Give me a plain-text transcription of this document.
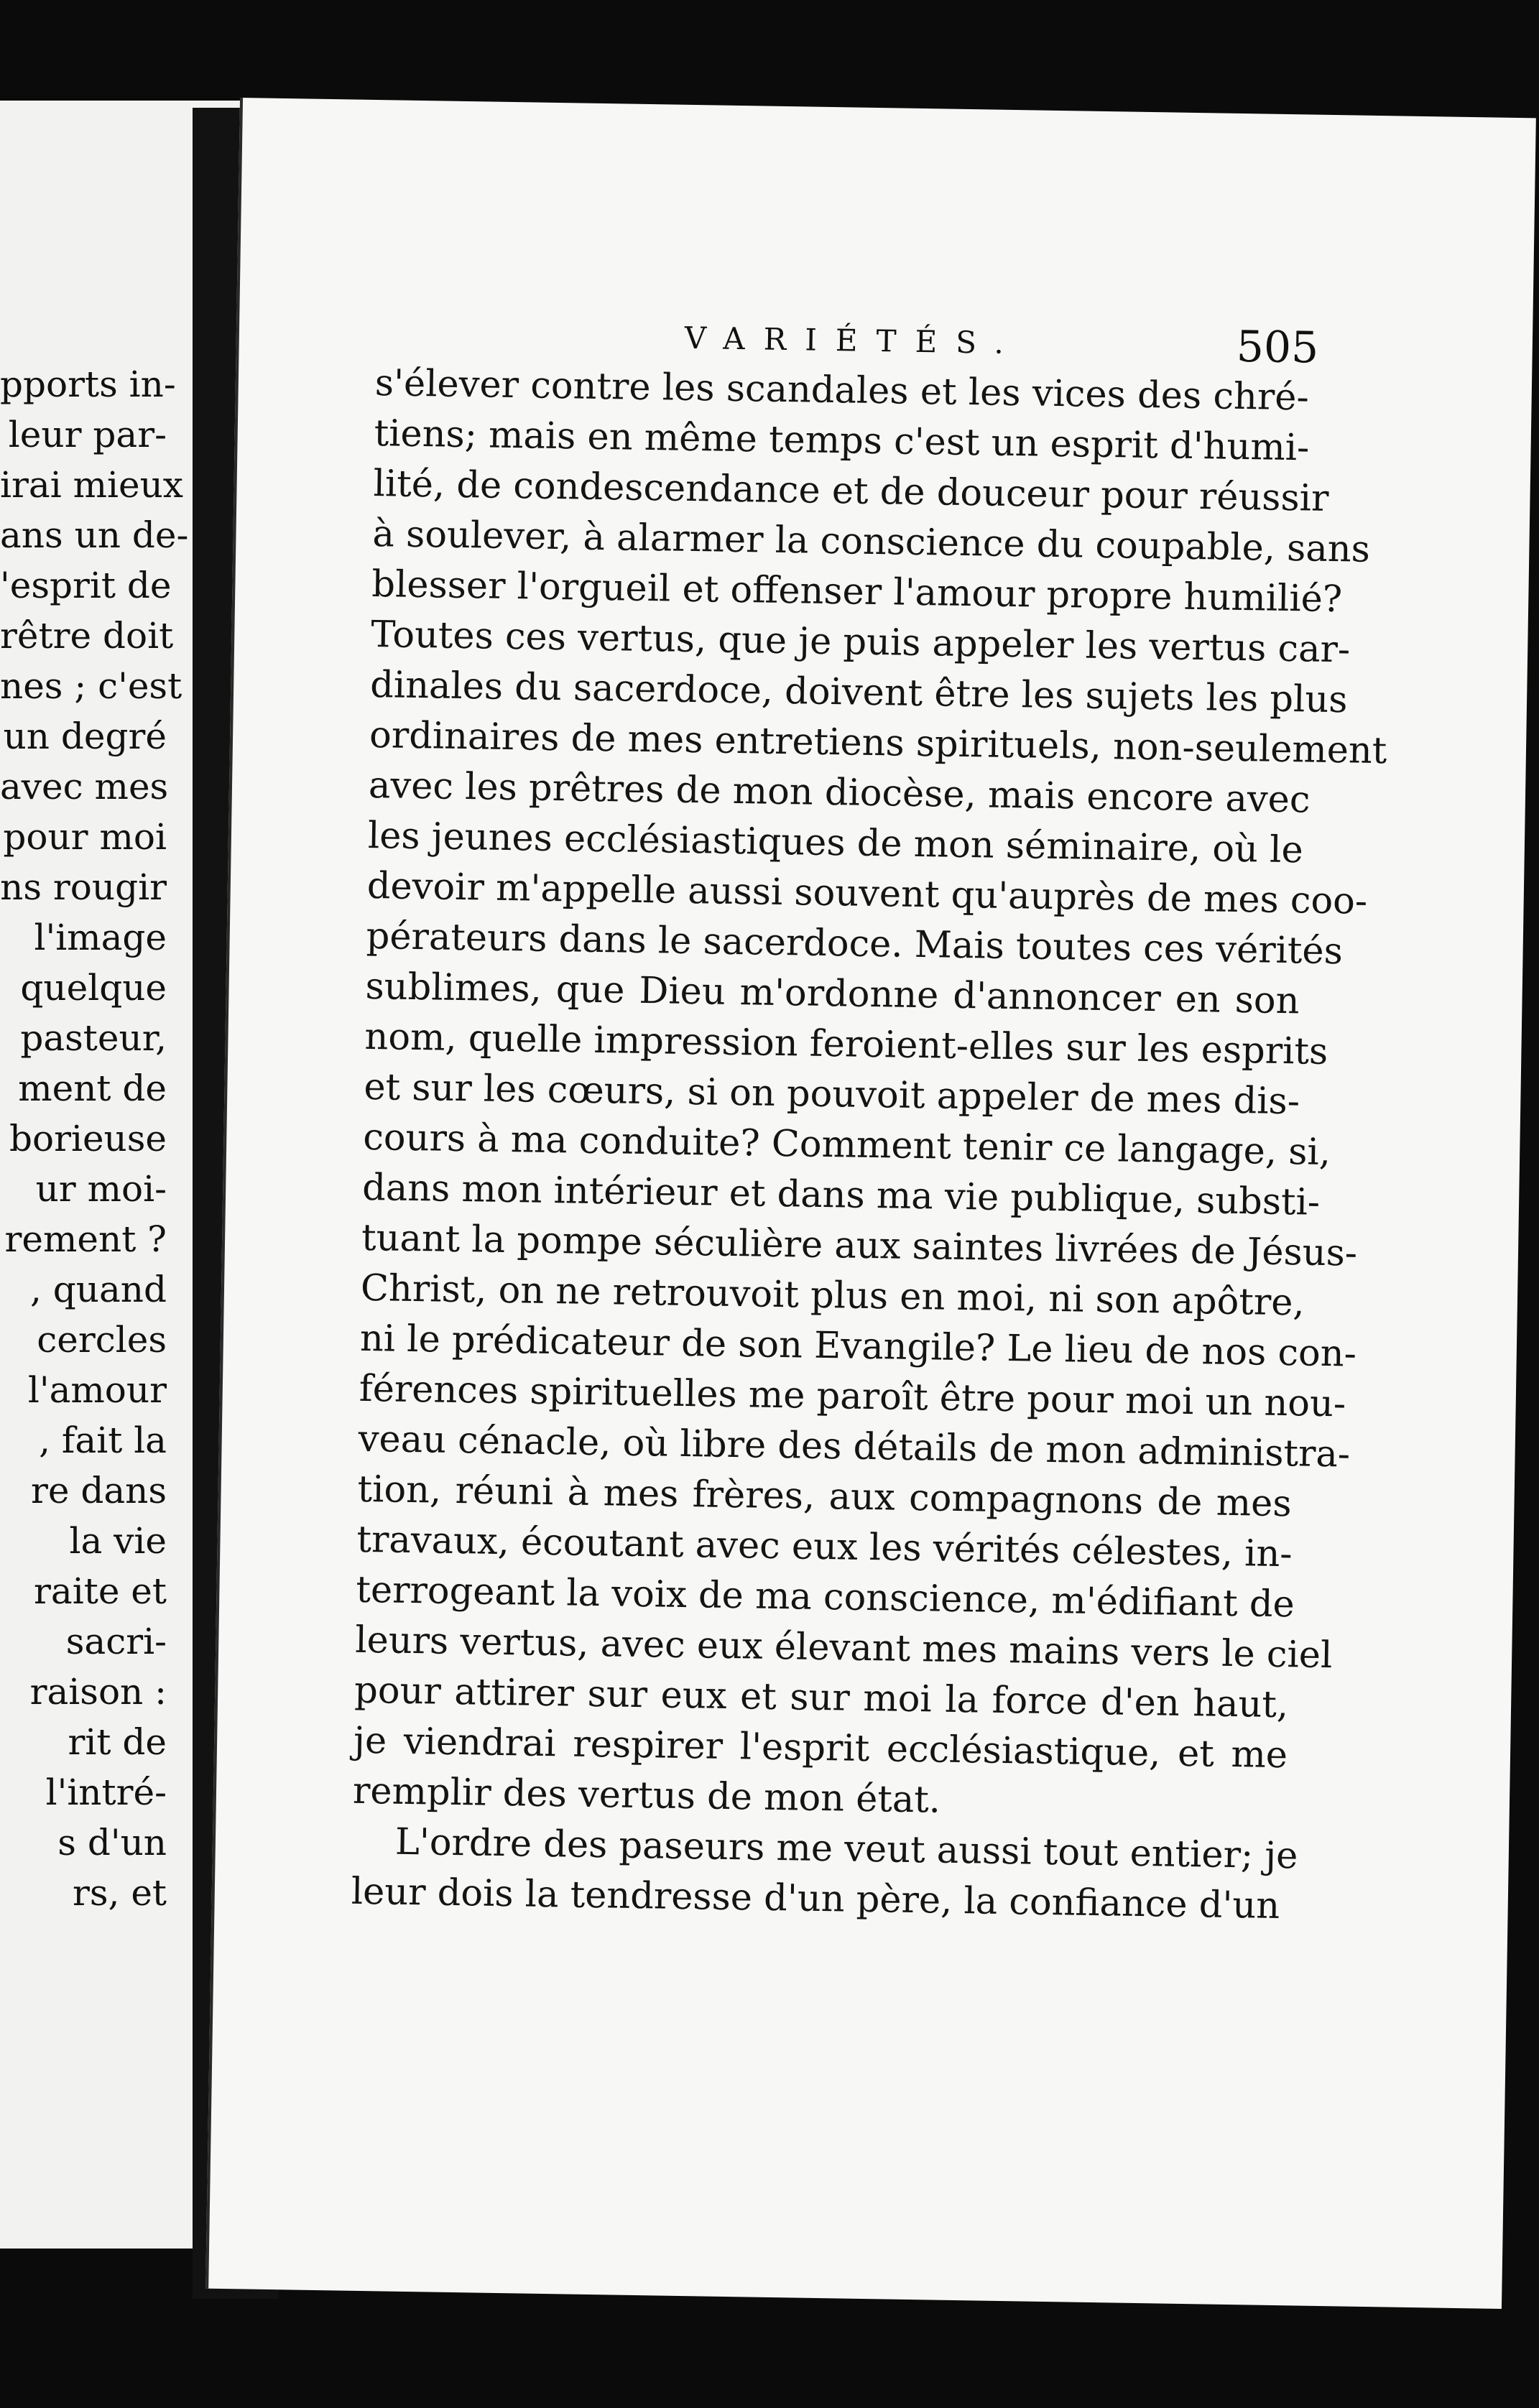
pports in-
leur par-
irai mieux
ans un de-
'esprit de
rêtre doit
nes ; c'est
un degré
avec mes
pour moi
ns rougir
l'image
quelque
pasteur,
ment de
borieuse
ur moi-
rement ?
, quand
cercles
l'amour
, fait la
re dans
la vie
raite et
sacri-
raison :
rit de
l'intré-
s d'un
rs, et
VARIÉTÉS.	505
s'élever contre les scandales et les vices des chré-
tiens; mais en même temps c'est un esprit d'humi-
lité, de condescendance et de douceur pour réussir
à soulever, à alarmer la conscience du coupable, sans
blesser l'orgueil et offenser l'amour propre humilié?
Toutes ces vertus, que je puis appeler les vertus car-
dinales du sacerdoce, doivent être les sujets les plus
ordinaires de mes entretiens spirituels, non-seulement
avec les prêtres de mon diocèse, mais encore avec
les jeunes ecclésiastiques de mon séminaire, où le
devoir m'appelle aussi souvent qu'auprès de mes coo-
pérateurs dans le sacerdoce. Mais toutes ces vérités
sublimes, que Dieu m'ordonne d'annoncer en son
nom, quelle impression feroient-elles sur les esprits
et sur les cœurs, si on pouvoit appeler de mes dis-
cours à ma conduite? Comment tenir ce langage, si,
dans mon intérieur et dans ma vie publique, substi-
tuant la pompe séculière aux saintes livrées de Jésus-
Christ, on ne retrouvoit plus en moi, ni son apôtre,
ni le prédicateur de son Evangile? Le lieu de nos con-
férences spirituelles me paroît être pour moi un nou-
veau cénacle, où libre des détails de mon administra-
tion, réuni à mes frères, aux compagnons de mes
travaux, écoutant avec eux les vérités célestes, in-
terrogeant la voix de ma conscience, m'édifiant de
leurs vertus, avec eux élevant mes mains vers le ciel
pour attirer sur eux et sur moi la force d'en haut,
je viendrai respirer l'esprit ecclésiastique, et me
remplir des vertus de mon état.
L'ordre des paseurs me veut aussi tout entier; je
leur dois la tendresse d'un père, la confiance d'un
